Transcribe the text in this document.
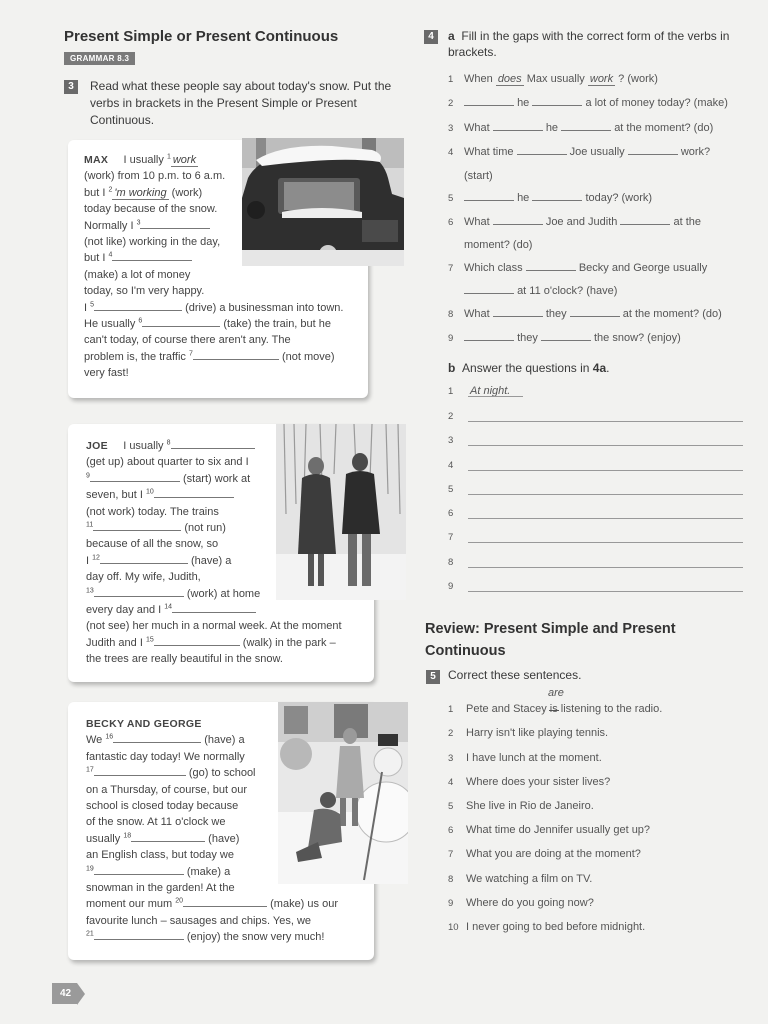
Present Simple or Present Continuous
GRAMMAR 8.3
3	Read what these people say about today's snow. Put the verbs in brackets in the Present Simple or Present Continuous.

MAX I usually $^1$ work
(work) from 10 p.m. to 6 a.m.
but I $^2$ 'm working (work)
today because of the snow.
Normally I $^3$
(not like) working in the day,
but I $^4$
(make) a lot of money
today, so I'm very happy.
I $^5$	(drive) a businessman into town.
He usually $^6$	(take) the train, but he
can't today, of course there aren't any. The
problem is, the traffic $^7$	(not move)
very fast!
JOE I usually $^8$
(get up) about quarter to six and I
$^9$	(start) work at
seven, but I $^{10}$
(not work) today. The trains
$^{11}$	(not run)
because of all the snow, so
I $^{12}$	(have) a
day off. My wife, Judith,
$^{13}$	(work) at home
every day and I $^{14}$
(not see) her much in a normal week. At the moment
Judith and I $^{15}$	(walk) in the park –
the trees are really beautiful in the snow.
BECKY AND GEORGE
We $^{16}$	(have) a
fantastic day today! We normally
$^{17}$	(go) to school
on a Thursday, of course, but our
school is closed today because
of the snow. At 11 o'clock we
usually $^{18}$	(have)
an English class, but today we
$^{19}$	(make) a
snowman in the garden! At the
moment our mum $^{20}$	(make) us our
favourite lunch – sausages and chips. Yes, we
$^{21}$	(enjoy) the snow very much!
4	a Fill in the gaps with the correct form of the verbs in brackets.

1 When does Max usually work ? (work)
2	he	a lot of money today? (make)
3 What	he	at the moment? (do)
4 What time	Joe usually	work?
(start)
5	he	today? (work)
6 What	Joe and Judith	at the
moment? (do)
7 Which class	Becky and George usually
at 11 o'clock? (have)
8 What	they	at the moment? (do)
9	they	the snow? (enjoy)
b Answer the questions in 4a.
1 At night.
2
3
4
5
6
7
8
9
Review: Present Simple and Present Continuous
5 Correct these sentences.
are
1 Pete and Stacey is listening to the radio.
2 Harry isn't like playing tennis.
3 I have lunch at the moment.
4 Where does your sister lives?
5 She live in Rio de Janeiro.
6 What time do Jennifer usually get up?
7 What you are doing at the moment?
8 We watching a film on TV.
9 Where do you going now?
10 I never going to bed before midnight.
42
